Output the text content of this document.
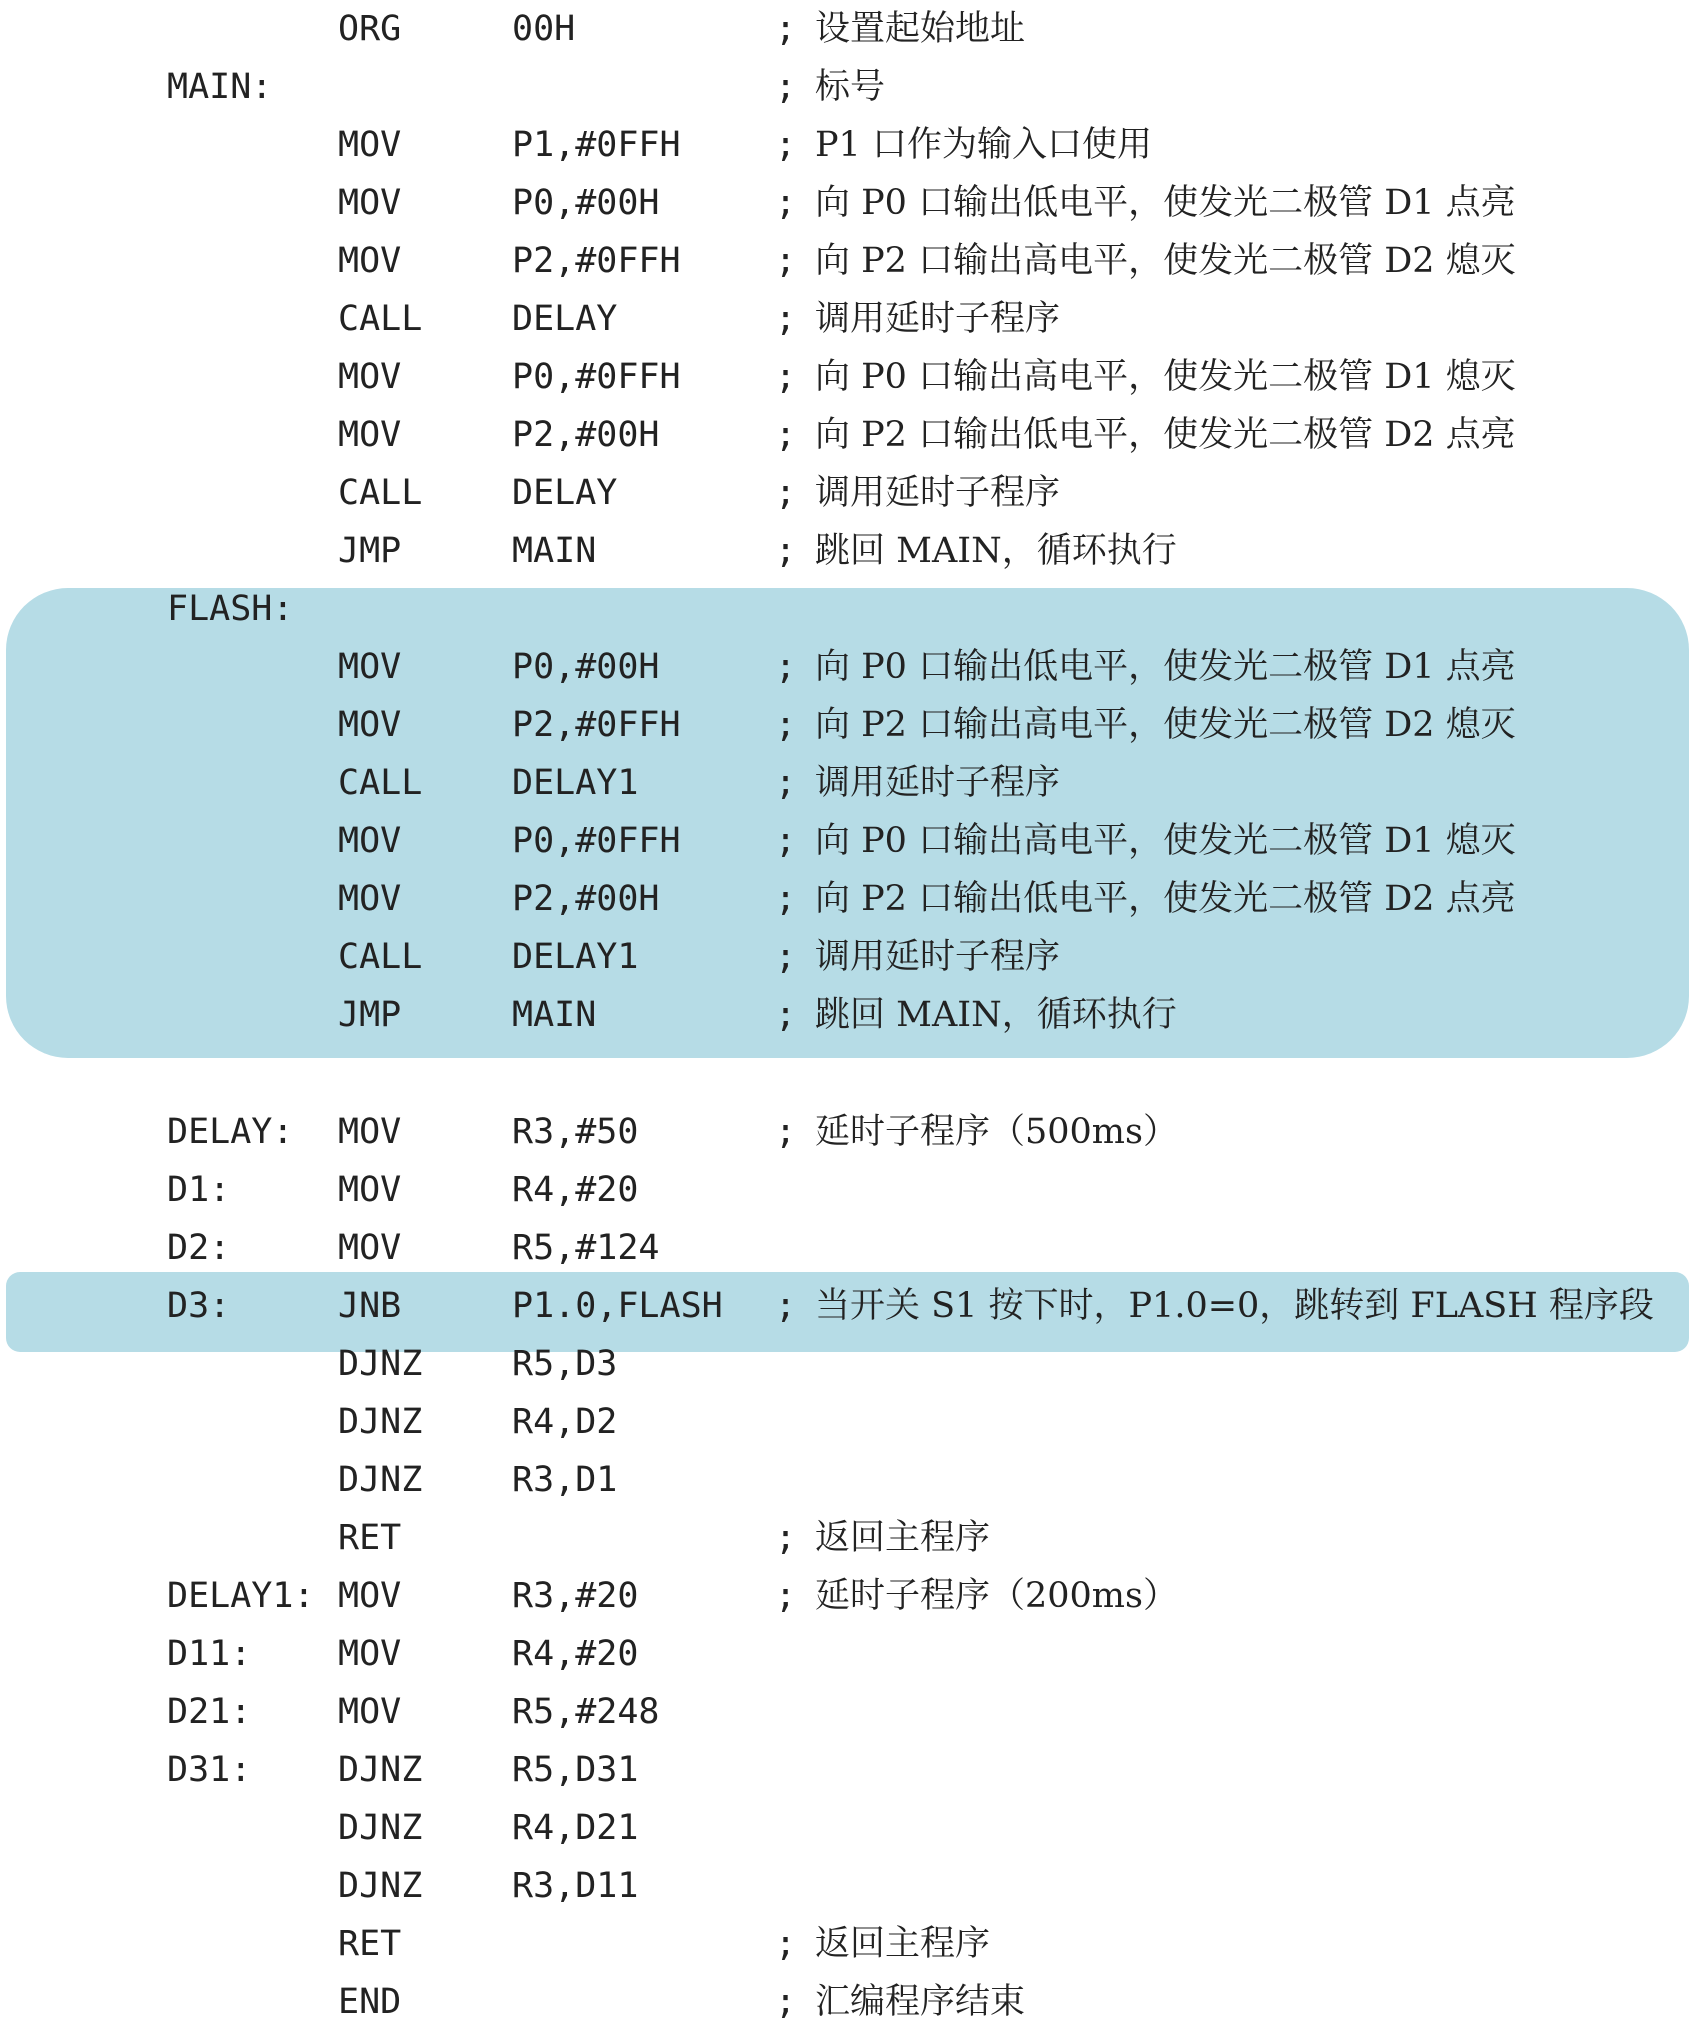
ORG	00H	; 设置起始地址
MAIN:	; 标号
MOV	P1,#0FFH	; P1 口作为输入口使用
MOV	P0,#00H	; 向 P0 口输出低电平，使发光二极管 D1 点亮
MOV	P2,#0FFH	; 向 P2 口输出高电平，使发光二极管 D2 熄灭
CALL	DELAY	; 调用延时子程序
MOV	P0,#0FFH	; 向 P0 口输出高电平，使发光二极管 D1 熄灭
MOV	P2,#00H	; 向 P2 口输出低电平，使发光二极管 D2 点亮
CALL	DELAY	; 调用延时子程序
JMP	MAIN	; 跳回 MAIN，循环执行
FLASH:
MOV	P0,#00H	; 向 P0 口输出低电平，使发光二极管 D1 点亮
MOV	P2,#0FFH	; 向 P2 口输出高电平，使发光二极管 D2 熄灭
CALL	DELAY1	; 调用延时子程序
MOV	P0,#0FFH	; 向 P0 口输出高电平，使发光二极管 D1 熄灭
MOV	P2,#00H	; 向 P2 口输出低电平，使发光二极管 D2 点亮
CALL	DELAY1	; 调用延时子程序
JMP	MAIN	; 跳回 MAIN，循环执行
DELAY: MOV	R3,#50	; 延时子程序（500ms）
D1:	MOV	R4,#20
D2:	MOV	R5,#124
D3:	JNB	P1.0,FLASH ; 当开关 S1 按下时，P1.0=0，跳转到 FLASH 程序段
DJNZ	R5,D3
DJNZ	R4,D2
DJNZ	R3,D1
RET	; 返回主程序
DELAY1: MOV	R3,#20	; 延时子程序（200ms）
D11: MOV	R4,#20
D21: MOV	R5,#248
D31: DJNZ	R5,D31
DJNZ	R4,D21
DJNZ	R3,D11
RET	; 返回主程序
END	; 汇编程序结束
